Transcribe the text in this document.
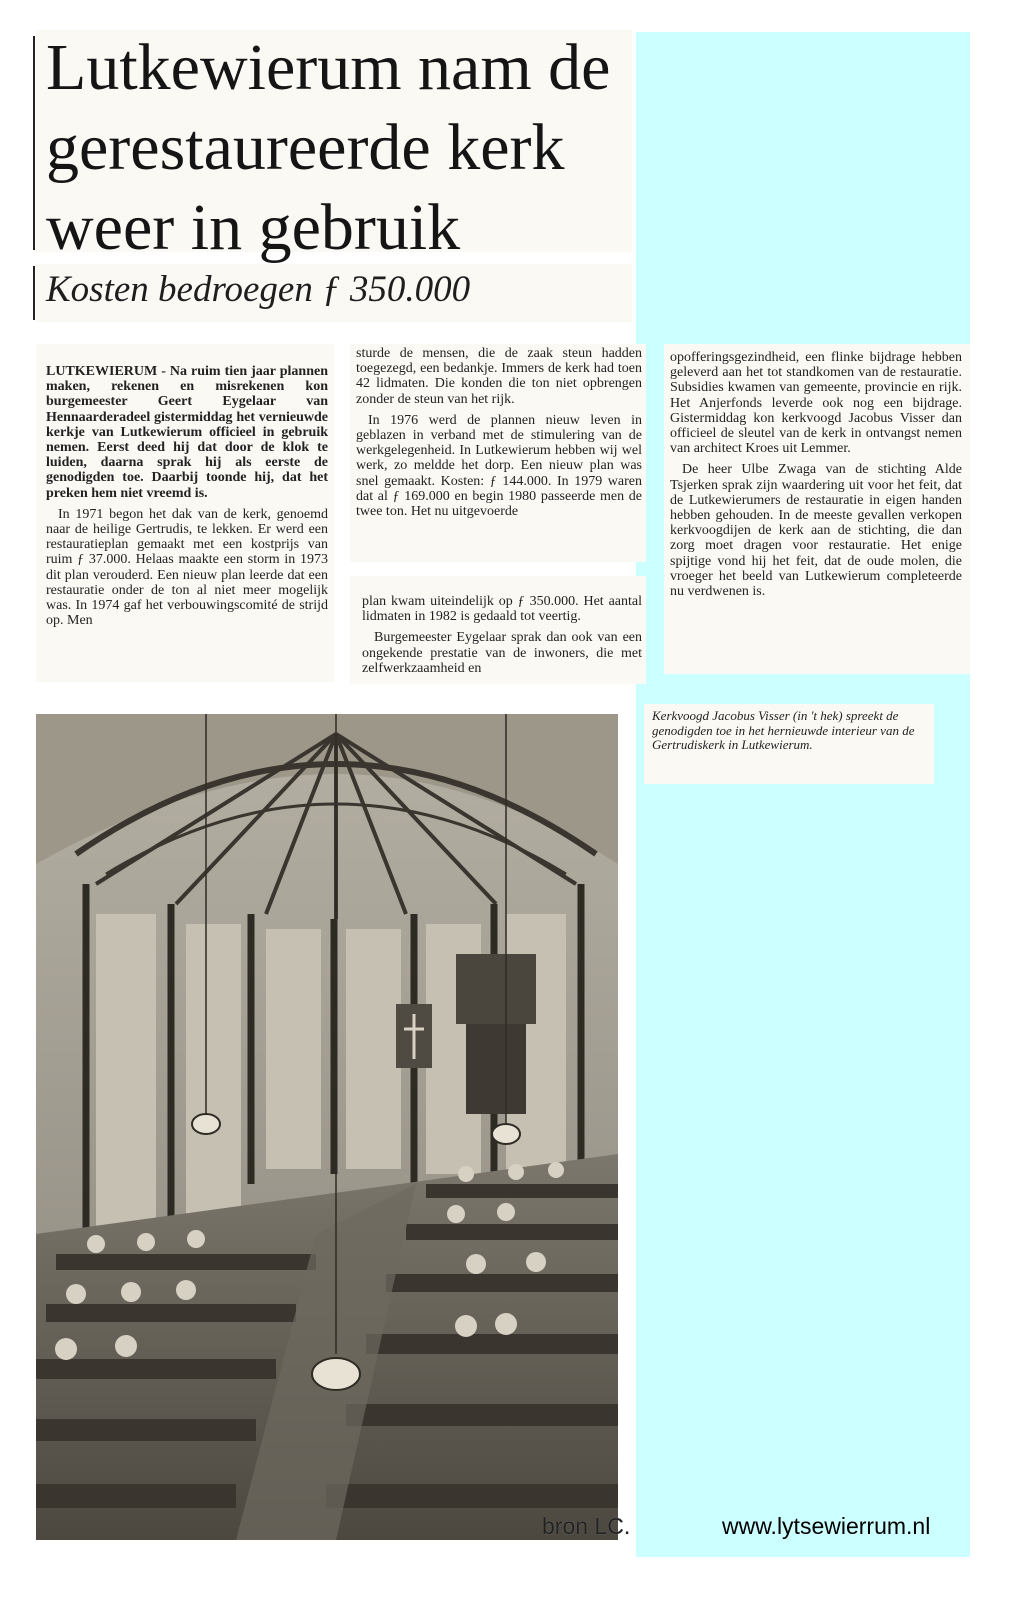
Lutkewierum nam de
gerestaureerde kerk
weer in gebruik
Kosten bedroegen ƒ 350.000

LUTKEWIERUM - Na ruim tien jaar plannen maken, rekenen en misrekenen kon burgemeester Geert Eygelaar van Hennaarderadeel gistermiddag het vernieuwde kerkje van Lutkewierum officieel in gebruik nemen. Eerst deed hij dat door de klok te luiden, daarna sprak hij als eerste de genodigden toe. Daarbij toonde hij, dat het preken hem niet vreemd is.

In 1971 begon het dak van de kerk, genoemd naar de heilige Gertrudis, te lekken. Er werd een restauratieplan gemaakt met een kostprijs van ruim ƒ 37.000. Helaas maakte een storm in 1973 dit plan verouderd. Een nieuw plan leerde dat een restauratie onder de ton al niet meer mogelijk was. In 1974 gaf het verbouwingscomité de strijd op. Men

sturde de mensen, die de zaak steun hadden toegezegd, een bedankje. Immers de kerk had toen 42 lidmaten. Die konden die ton niet opbrengen zonder de steun van het rijk.

In 1976 werd de plannen nieuw leven in geblazen in verband met de stimulering van de werkgelegenheid. In Lutkewierum hebben wij wel werk, zo meldde het dorp. Een nieuw plan was snel gemaakt. Kosten: ƒ 144.000. In 1979 waren dat al ƒ 169.000 en begin 1980 passeerde men de twee ton. Het nu uitgevoerde

plan kwam uiteindelijk op ƒ 350.000. Het aantal lidmaten in 1982 is gedaald tot veertig.

Burgemeester Eygelaar sprak dan ook van een ongekende prestatie van de inwoners, die met zelfwerkzaamheid en

opofferingsgezindheid, een flinke bijdrage hebben geleverd aan het tot standkomen van de restauratie. Subsidies kwamen van gemeente, provincie en rijk. Het Anjerfonds leverde ook nog een bijdrage. Gistermiddag kon kerkvoogd Jacobus Visser dan officieel de sleutel van de kerk in ontvangst nemen van architect Kroes uit Lemmer.

De heer Ulbe Zwaga van de stichting Alde Tsjerken sprak zijn waardering uit voor het feit, dat de Lutkewierumers de restauratie in eigen handen hebben gehouden. In de meeste gevallen verkopen kerkvoogdijen de kerk aan de stichting, die dan zorg moet dragen voor restauratie. Het enige spijtige vond hij het feit, dat de oude molen, die vroeger het beeld van Lutkewierum completeerde nu verdwenen is.

Kerkvoogd Jacobus Visser (in 't hek) spreekt de genodigden toe in het hernieuwde interieur van de Gertrudiskerk in Lutkewierum.
bron LC.	www.lytsewierrum.nl
